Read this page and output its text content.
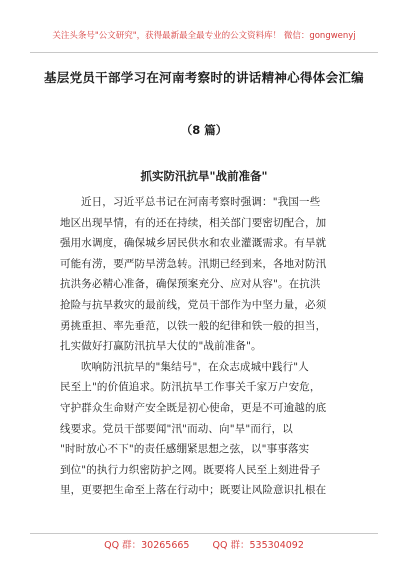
关注头条号"公文研究"，获得最新最全最专业的公文资料库！ 微信：gongwenyj
基层党员干部学习在河南考察时的讲话精神心得体会汇编
（8 篇）
抓实防汛抗旱"战前准备"
近日，习近平总书记在河南考察时强调："我国一些
地区出现旱情，有的还在持续，相关部门要密切配合，加
强用水调度，确保城乡居民供水和农业灌溉需求。有旱就
可能有涝，要严防旱涝急转。汛期已经到来，各地对防汛
抗洪务必精心准备，确保预案充分、应对从容"。在抗洪
抢险与抗旱救灾的最前线，党员干部作为中坚力量，必须
勇挑重担、率先垂范，以铁一般的纪律和铁一般的担当，
扎实做好打赢防汛抗旱大仗的"战前准备"。
吹响防汛抗旱的"集结号"，在众志成城中践行"人
民至上"的价值追求。防汛抗旱工作事关千家万户安危，
守护群众生命财产安全既是初心使命，更是不可逾越的底
线要求。党员干部要闻"汛"而动、向"旱"而行，以
"时时放心不下"的责任感绷紧思想之弦，以"事事落实
到位"的执行力织密防护之网。既要将人民至上刻进骨子
里，更要把生命至上落在行动中；既要让风险意识扎根在
QQ 群：30265665 QQ 群：535304092
